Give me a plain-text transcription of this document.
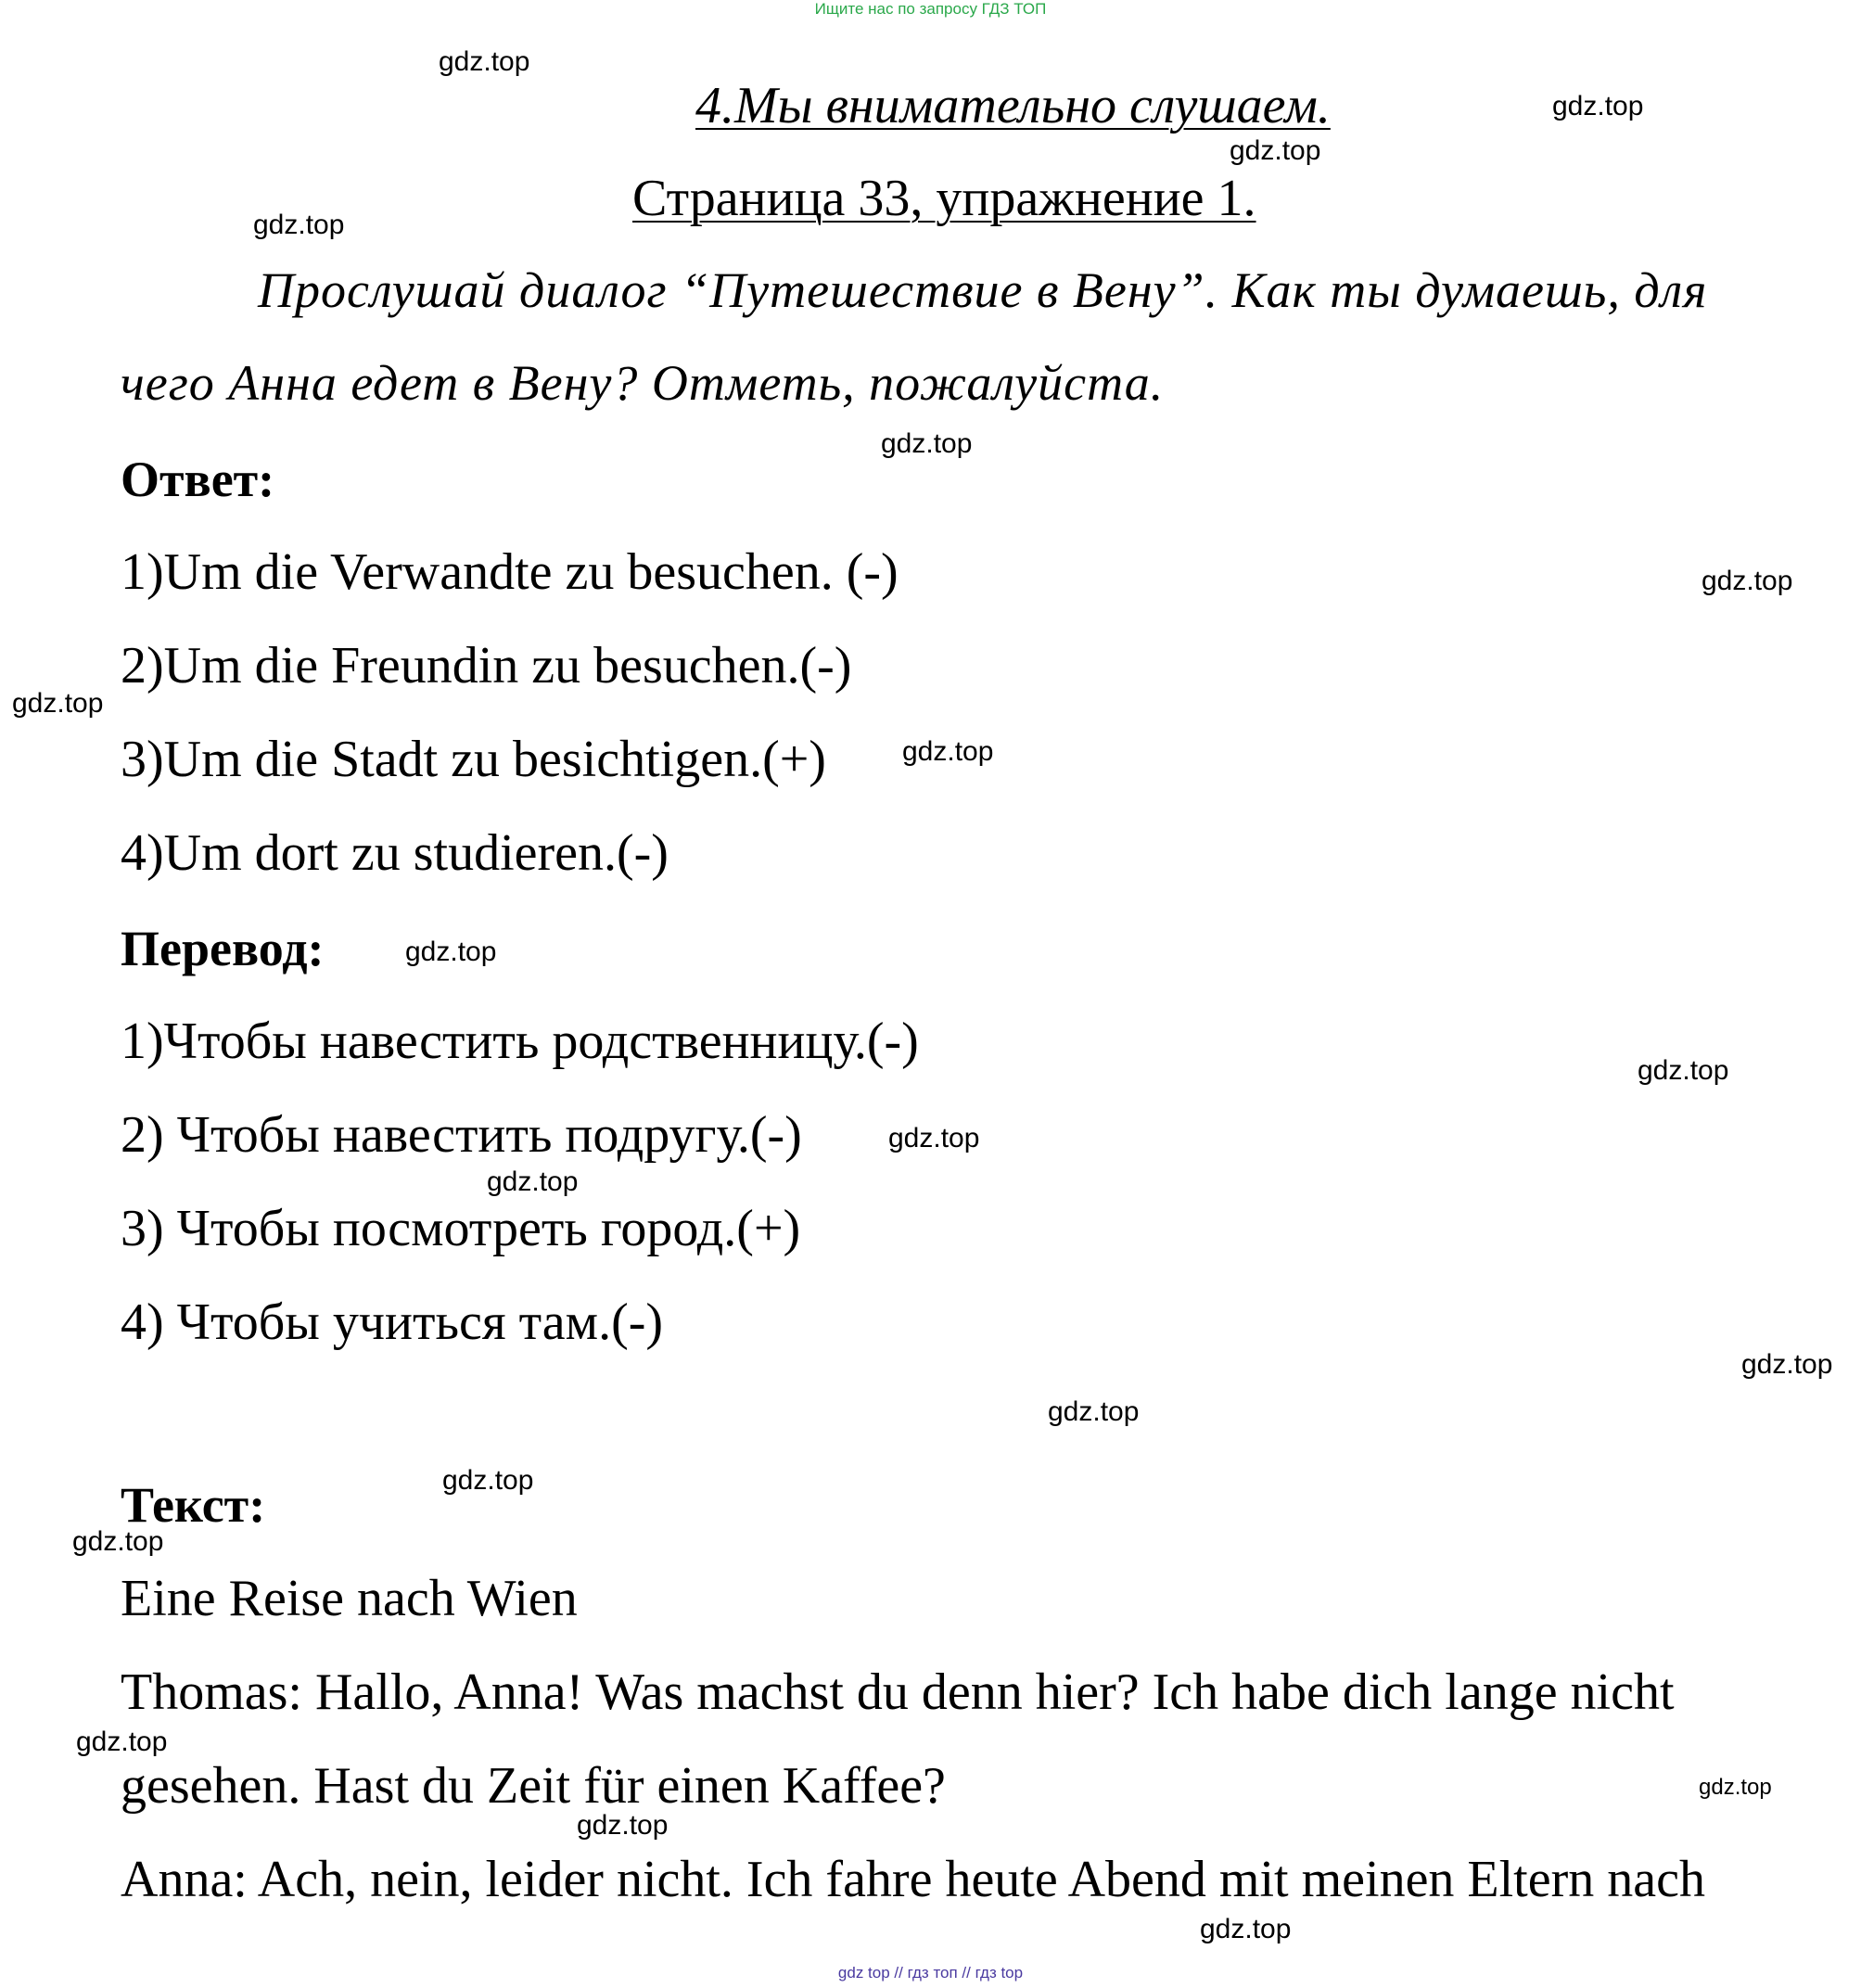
Ищите нас по запросу ГДЗ ТОП
4.Мы внимательно слушаем.
Страница 33, упражнение 1.
Прослушай диалог “Путешествие в Вену”. Как ты думаешь, для
чего Анна едет в Вену? Отметь, пожалуйста.
Ответ:
1)Um die Verwandte zu besuchen. (-)
2)Um die Freundin zu besuchen.(-)
3)Um die Stadt zu besichtigen.(+)
4)Um dort zu studieren.(-)
Перевод:
1)Чтобы навестить родственницу.(-)
2) Чтобы навестить подругу.(-)
3) Чтобы посмотреть город.(+)
4) Чтобы учиться там.(-)
Текст:
Eine Reise nach Wien
Thomas: Hallo, Anna! Was machst du denn hier? Ich habe dich lange nicht
gesehen. Hast du Zeit für einen Kaffee?
Anna: Ach, nein, leider nicht. Ich fahre heute Abend mit meinen Eltern nach
gdz.top
gdz.top
gdz.top
gdz.top
gdz.top
gdz.top
gdz.top
gdz.top
gdz.top
gdz.top
gdz.top
gdz.top
gdz.top
gdz.top
gdz.top
gdz.top
gdz.top
gdz.top
gdz.top
gdz.top
gdz top // гдз топ // гдз top
